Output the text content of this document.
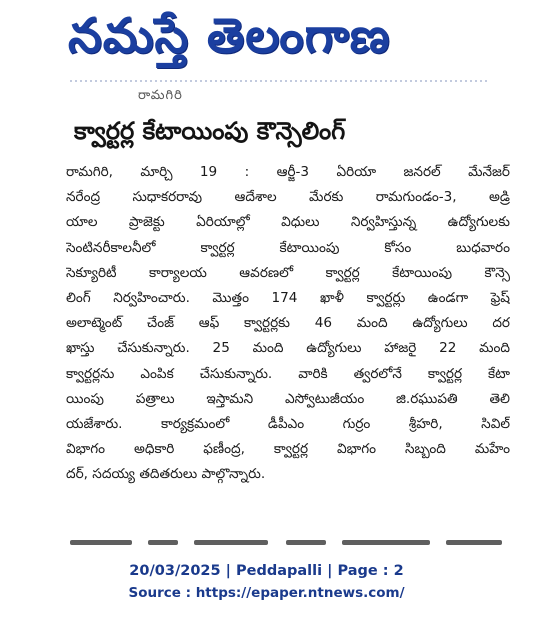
నమస్తే తెలంగాణ
రామగిరి
క్వార్టర్ల కేటాయింపు కౌన్సెలింగ్
రామగిరి, మార్చి 19 : ఆర్జీ-3 ఏరియా జనరల్ మేనేజర్
నరేంద్ర సుధాకరరావు ఆదేశాల మేరకు రామగుండం-3, అడ్రి
యాల ప్రాజెక్టు ఏరియాల్లో విధులు నిర్వహిస్తున్న ఉద్యోగులకు
సెంటినరీకాలనీలో క్వార్టర్ల కేటాయింపు కోసం బుధవారం
సెక్యూరిటీ కార్యాలయ ఆవరణలో క్వార్టర్ల కేటాయింపు కౌన్సె
లింగ్ నిర్వహించారు. మొత్తం 174 ఖాళీ క్వార్టర్లు ఉండగా ఫ్రెష్
అలాట్మెంట్ చేంజ్ ఆఫ్ క్వార్టర్లకు 46 మంది ఉద్యోగులు దర
ఖాస్తు చేసుకున్నారు. 25 మంది ఉద్యోగులు హాజరై 22 మంది
క్వార్టర్లను ఎంపిక చేసుకున్నారు. వారికి త్వరలోనే క్వార్టర్ల కేటా
యింపు పత్రాలు ఇస్తామని ఎస్వోటుజీయం జి.రఘుపతి తెలి
యజేశారు. కార్యక్రమంలో డీపీఎం గుర్రం శ్రీహరి, సివిల్
విభాగం అధికారి ఫణీంద్ర, క్వార్టర్ల విభాగం సిబ్బంది మహేం
దర్, సదయ్య తదితరులు పాల్గొన్నారు.
20/03/2025 | Peddapalli | Page : 2
Source : https://epaper.ntnews.com/
